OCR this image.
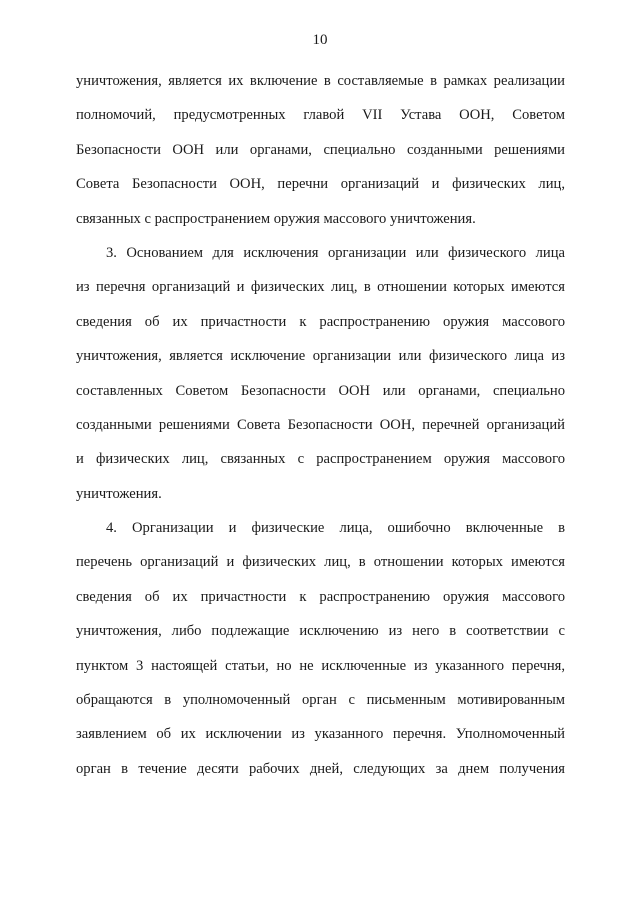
10
уничтожения, является их включение в составляемые в рамках реализации
полномочий, предусмотренных главой VII Устава ООН, Советом
Безопасности ООН или органами, специально созданными решениями
Совета Безопасности ООН, перечни организаций и физических лиц,
связанных с распространением оружия массового уничтожения.
3. Основанием для исключения организации или физического лица
из перечня организаций и физических лиц, в отношении которых имеются
сведения об их причастности к распространению оружия массового
уничтожения, является исключение организации или физического лица из
составленных Советом Безопасности ООН или органами, специально
созданными решениями Совета Безопасности ООН, перечней организаций
и физических лиц, связанных с распространением оружия массового
уничтожения.
4. Организации и физические лица, ошибочно включенные в
перечень организаций и физических лиц, в отношении которых имеются
сведения об их причастности к распространению оружия массового
уничтожения, либо подлежащие исключению из него в соответствии с
пунктом 3 настоящей статьи, но не исключенные из указанного перечня,
обращаются в уполномоченный орган с письменным мотивированным
заявлением об их исключении из указанного перечня. Уполномоченный
орган в течение десяти рабочих дней, следующих за днем получения
